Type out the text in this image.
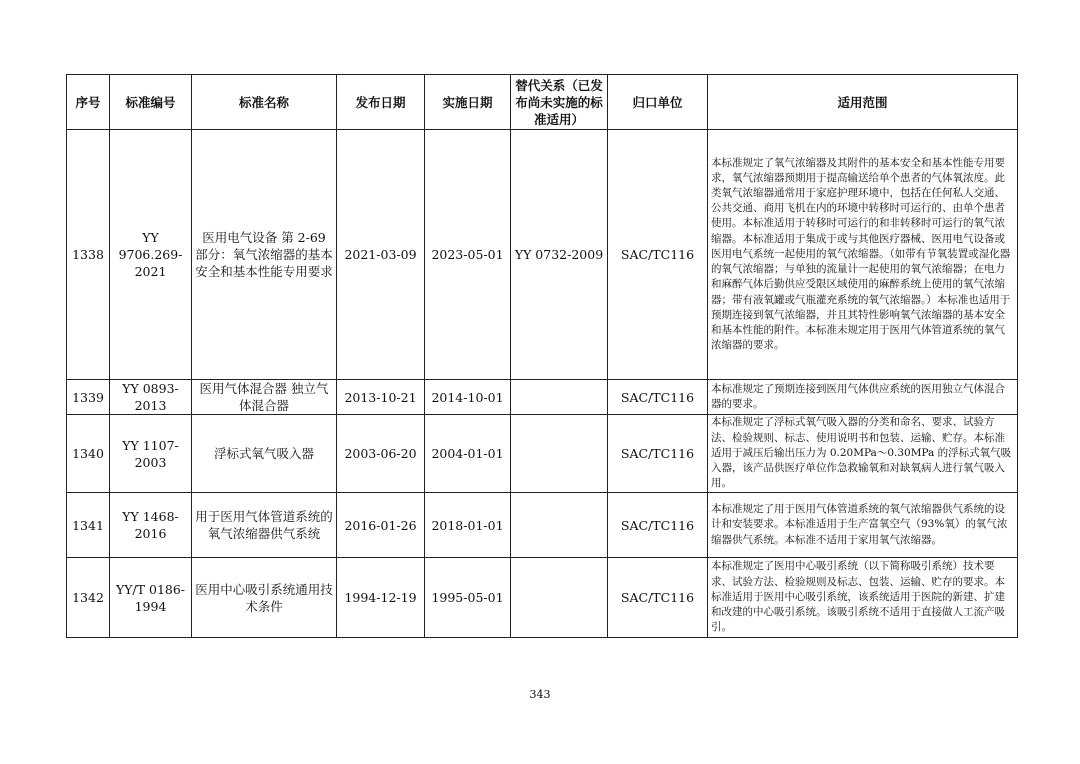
序号	标准编号	标准名称	发布日期	实施日期	替代关系（已发布尚未实施的标准适用）	归口单位	适用范围
1338	YY 9706.269-2021	医用电气设备 第 2-69 部分：氧气浓缩器的基本安全和基本性能专用要求	2021-03-09	2023-05-01	YY 0732-2009	SAC/TC116	本标准规定了氧气浓缩器及其附件的基本安全和基本性能专用要求，氧气浓缩器预期用于提高输送给单个患者的气体氧浓度。此类氧气浓缩器通常用于家庭护理环境中，包括在任何私人交通、公共交通、商用飞机在内的环境中转移时可运行的、由单个患者使用。本标准适用于转移时可运行的和非转移时可运行的氧气浓缩器。本标准适用于集成于或与其他医疗器械、医用电气设备或医用电气系统一起使用的氧气浓缩器。（如带有节氧装置或湿化器的氧气浓缩器；与单独的流量计一起使用的氧气浓缩器；在电力和麻醉气体后勤供应受限区域使用的麻醉系统上使用的氧气浓缩器；带有液氧罐或气瓶灌充系统的氧气浓缩器。）本标准也适用于预期连接到氧气浓缩器，并且其特性影响氧气浓缩器的基本安全和基本性能的附件。本标准未规定用于医用气体管道系统的氧气浓缩器的要求。
1339	YY 0893-2013	医用气体混合器 独立气体混合器	2013-10-21	2014-10-01		SAC/TC116	本标准规定了预期连接到医用气体供应系统的医用独立气体混合器的要求。
1340	YY 1107-2003	浮标式氧气吸入器	2003-06-20	2004-01-01		SAC/TC116	本标准规定了浮标式氧气吸入器的分类和命名、要求、试验方法、检验规则、标志、使用说明书和包装、运输、贮存。本标准适用于减压后输出压力为 0.20MPa～0.30MPa 的浮标式氧气吸入器，该产品供医疗单位作急救输氧和对缺氧病人进行氧气吸入用。
1341	YY 1468-2016	用于医用气体管道系统的氧气浓缩器供气系统	2016-01-26	2018-01-01		SAC/TC116	本标准规定了用于医用气体管道系统的氧气浓缩器供气系统的设计和安装要求。本标准适用于生产富氧空气（93%氧）的氧气浓缩器供气系统。本标准不适用于家用氧气浓缩器。
1342	YY/T 0186-1994	医用中心吸引系统通用技术条件	1994-12-19	1995-05-01		SAC/TC116	本标准规定了医用中心吸引系统（以下简称吸引系统）技术要求、试验方法、检验规则及标志、包装、运输、贮存的要求。本标准适用于医用中心吸引系统，该系统适用于医院的新建、扩建和改建的中心吸引系统。该吸引系统不适用于直接做人工流产吸引。
343
